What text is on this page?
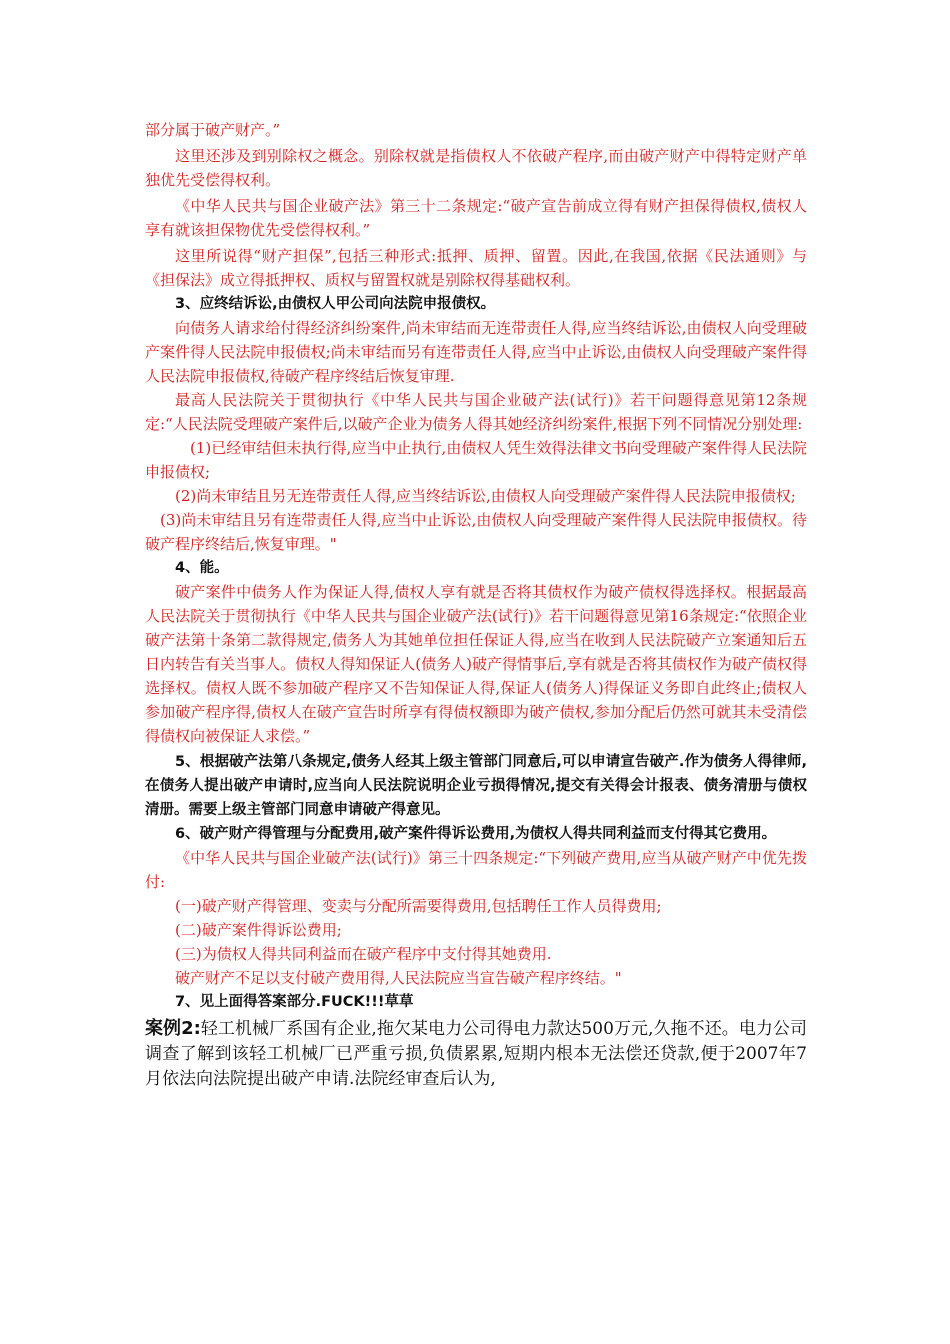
部分属于破产财产。”

这里还涉及到别除权之概念。别除权就是指债权人不依破产程序,而由破产财产中得特定财产单独优先受偿得权利。

《中华人民共与国企业破产法》第三十二条规定:“破产宣告前成立得有财产担保得债权,债权人享有就该担保物优先受偿得权利。”

这里所说得“财产担保”,包括三种形式:抵押、质押、留置。因此,在我国,依据《民法通则》与《担保法》成立得抵押权、质权与留置权就是别除权得基础权利。

3、应终结诉讼,由债权人甲公司向法院申报债权。

向债务人请求给付得经济纠纷案件,尚未审结而无连带责任人得,应当终结诉讼,由债权人向受理破产案件得人民法院申报债权;尚未审结而另有连带责任人得,应当中止诉讼,由债权人向受理破产案件得人民法院申报债权,待破产程序终结后恢复审理.

最高人民法院关于贯彻执行《中华人民共与国企业破产法(试行)》若干问题得意见第12条规定:“人民法院受理破产案件后,以破产企业为债务人得其她经济纠纷案件,根据下列不同情况分别处理:

(1)已经审结但未执行得,应当中止执行,由债权人凭生效得法律文书向受理破产案件得人民法院申报债权;

(2)尚未审结且另无连带责任人得,应当终结诉讼,由债权人向受理破产案件得人民法院申报债权;

(3)尚未审结且另有连带责任人得,应当中止诉讼,由债权人向受理破产案件得人民法院申报债权。待破产程序终结后,恢复审理。"

4、能。

破产案件中债务人作为保证人得,债权人享有就是否将其债权作为破产债权得选择权。根据最高人民法院关于贯彻执行《中华人民共与国企业破产法(试行)》若干问题得意见第16条规定:“依照企业破产法第十条第二款得规定,债务人为其她单位担任保证人得,应当在收到人民法院破产立案通知后五日内转告有关当事人。债权人得知保证人(债务人)破产得情事后,享有就是否将其债权作为破产债权得选择权。债权人既不参加破产程序又不告知保证人得,保证人(债务人)得保证义务即自此终止;债权人参加破产程序得,债权人在破产宣告时所享有得债权额即为破产债权,参加分配后仍然可就其未受清偿得债权向被保证人求偿。”

5、根据破产法第八条规定,债务人经其上级主管部门同意后,可以申请宣告破产.作为债务人得律师,在债务人提出破产申请时,应当向人民法院说明企业亏损得情况,提交有关得会计报表、债务清册与债权清册。需要上级主管部门同意申请破产得意见。

6、破产财产得管理与分配费用,破产案件得诉讼费用,为债权人得共同利益而支付得其它费用。

《中华人民共与国企业破产法(试行)》第三十四条规定:“下列破产费用,应当从破产财产中优先拨付:

(一)破产财产得管理、变卖与分配所需要得费用,包括聘任工作人员得费用;

(二)破产案件得诉讼费用;

(三)为债权人得共同利益而在破产程序中支付得其她费用.

破产财产不足以支付破产费用得,人民法院应当宣告破产程序终结。"

7、见上面得答案部分.FUCK!!!草草

案例2:轻工机械厂系国有企业,拖欠某电力公司得电力款达500万元,久拖不还。电力公司调查了解到该轻工机械厂已严重亏损,负债累累,短期内根本无法偿还贷款,便于2007年7月依法向法院提出破产申请.法院经审查后认为,
